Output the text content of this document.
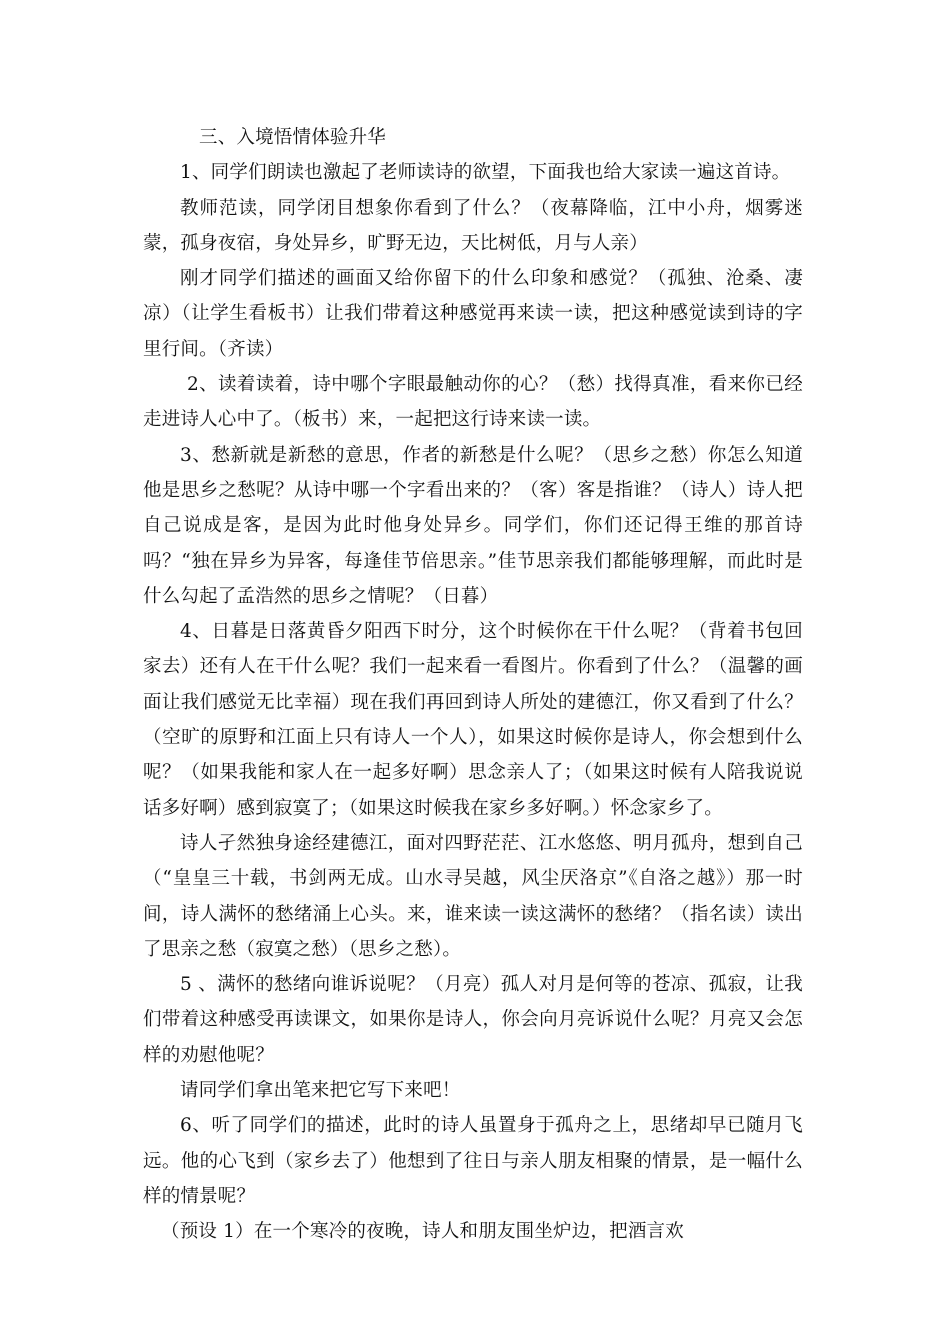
三、入境悟情体验升华

1、同学们朗读也激起了老师读诗的欲望，下面我也给大家读一遍这首诗。

教师范读，同学闭目想象你看到了什么？（夜幕降临，江中小舟，烟雾迷蒙，孤身夜宿，身处异乡，旷野无边，天比树低，月与人亲）

刚才同学们描述的画面又给你留下的什么印象和感觉？（孤独、沧桑、凄凉）（让学生看板书）让我们带着这种感觉再来读一读，把这种感觉读到诗的字里行间。（齐读）

2、读着读着，诗中哪个字眼最触动你的心？（愁）找得真准，看来你已经走进诗人心中了。（板书）来，一起把这行诗来读一读。

3、愁新就是新愁的意思，作者的新愁是什么呢？（思乡之愁）你怎么知道他是思乡之愁呢？从诗中哪一个字看出来的？（客）客是指谁？（诗人）诗人把自己说成是客，是因为此时他身处异乡。同学们，你们还记得王维的那首诗吗？“独在异乡为异客，每逢佳节倍思亲。”佳节思亲我们都能够理解，而此时是什么勾起了孟浩然的思乡之情呢？（日暮）

4、日暮是日落黄昏夕阳西下时分，这个时候你在干什么呢？（背着书包回家去）还有人在干什么呢？我们一起来看一看图片。你看到了什么？（温馨的画面让我们感觉无比幸福）现在我们再回到诗人所处的建德江，你又看到了什么？（空旷的原野和江面上只有诗人一个人），如果这时候你是诗人，你会想到什么呢？（如果我能和家人在一起多好啊）思念亲人了；（如果这时候有人陪我说说话多好啊）感到寂寞了；（如果这时候我在家乡多好啊。）怀念家乡了。

诗人孑然独身途经建德江，面对四野茫茫、江水悠悠、明月孤舟，想到自己（“皇皇三十载，书剑两无成。山水寻吴越，风尘厌洛京”《自洛之越》）那一时间，诗人满怀的愁绪涌上心头。来，谁来读一读这满怀的愁绪？（指名读）读出了思亲之愁（寂寞之愁）（思乡之愁）。

5 、满怀的愁绪向谁诉说呢？（月亮）孤人对月是何等的苍凉、孤寂，让我们带着这种感受再读课文，如果你是诗人，你会向月亮诉说什么呢？月亮又会怎样的劝慰他呢？

请同学们拿出笔来把它写下来吧！

6、听了同学们的描述，此时的诗人虽置身于孤舟之上，思绪却早已随月飞远。他的心飞到（家乡去了）他想到了往日与亲人朋友相聚的情景，是一幅什么样的情景呢？

（预设 1）在一个寒冷的夜晚，诗人和朋友围坐炉边，把酒言欢
